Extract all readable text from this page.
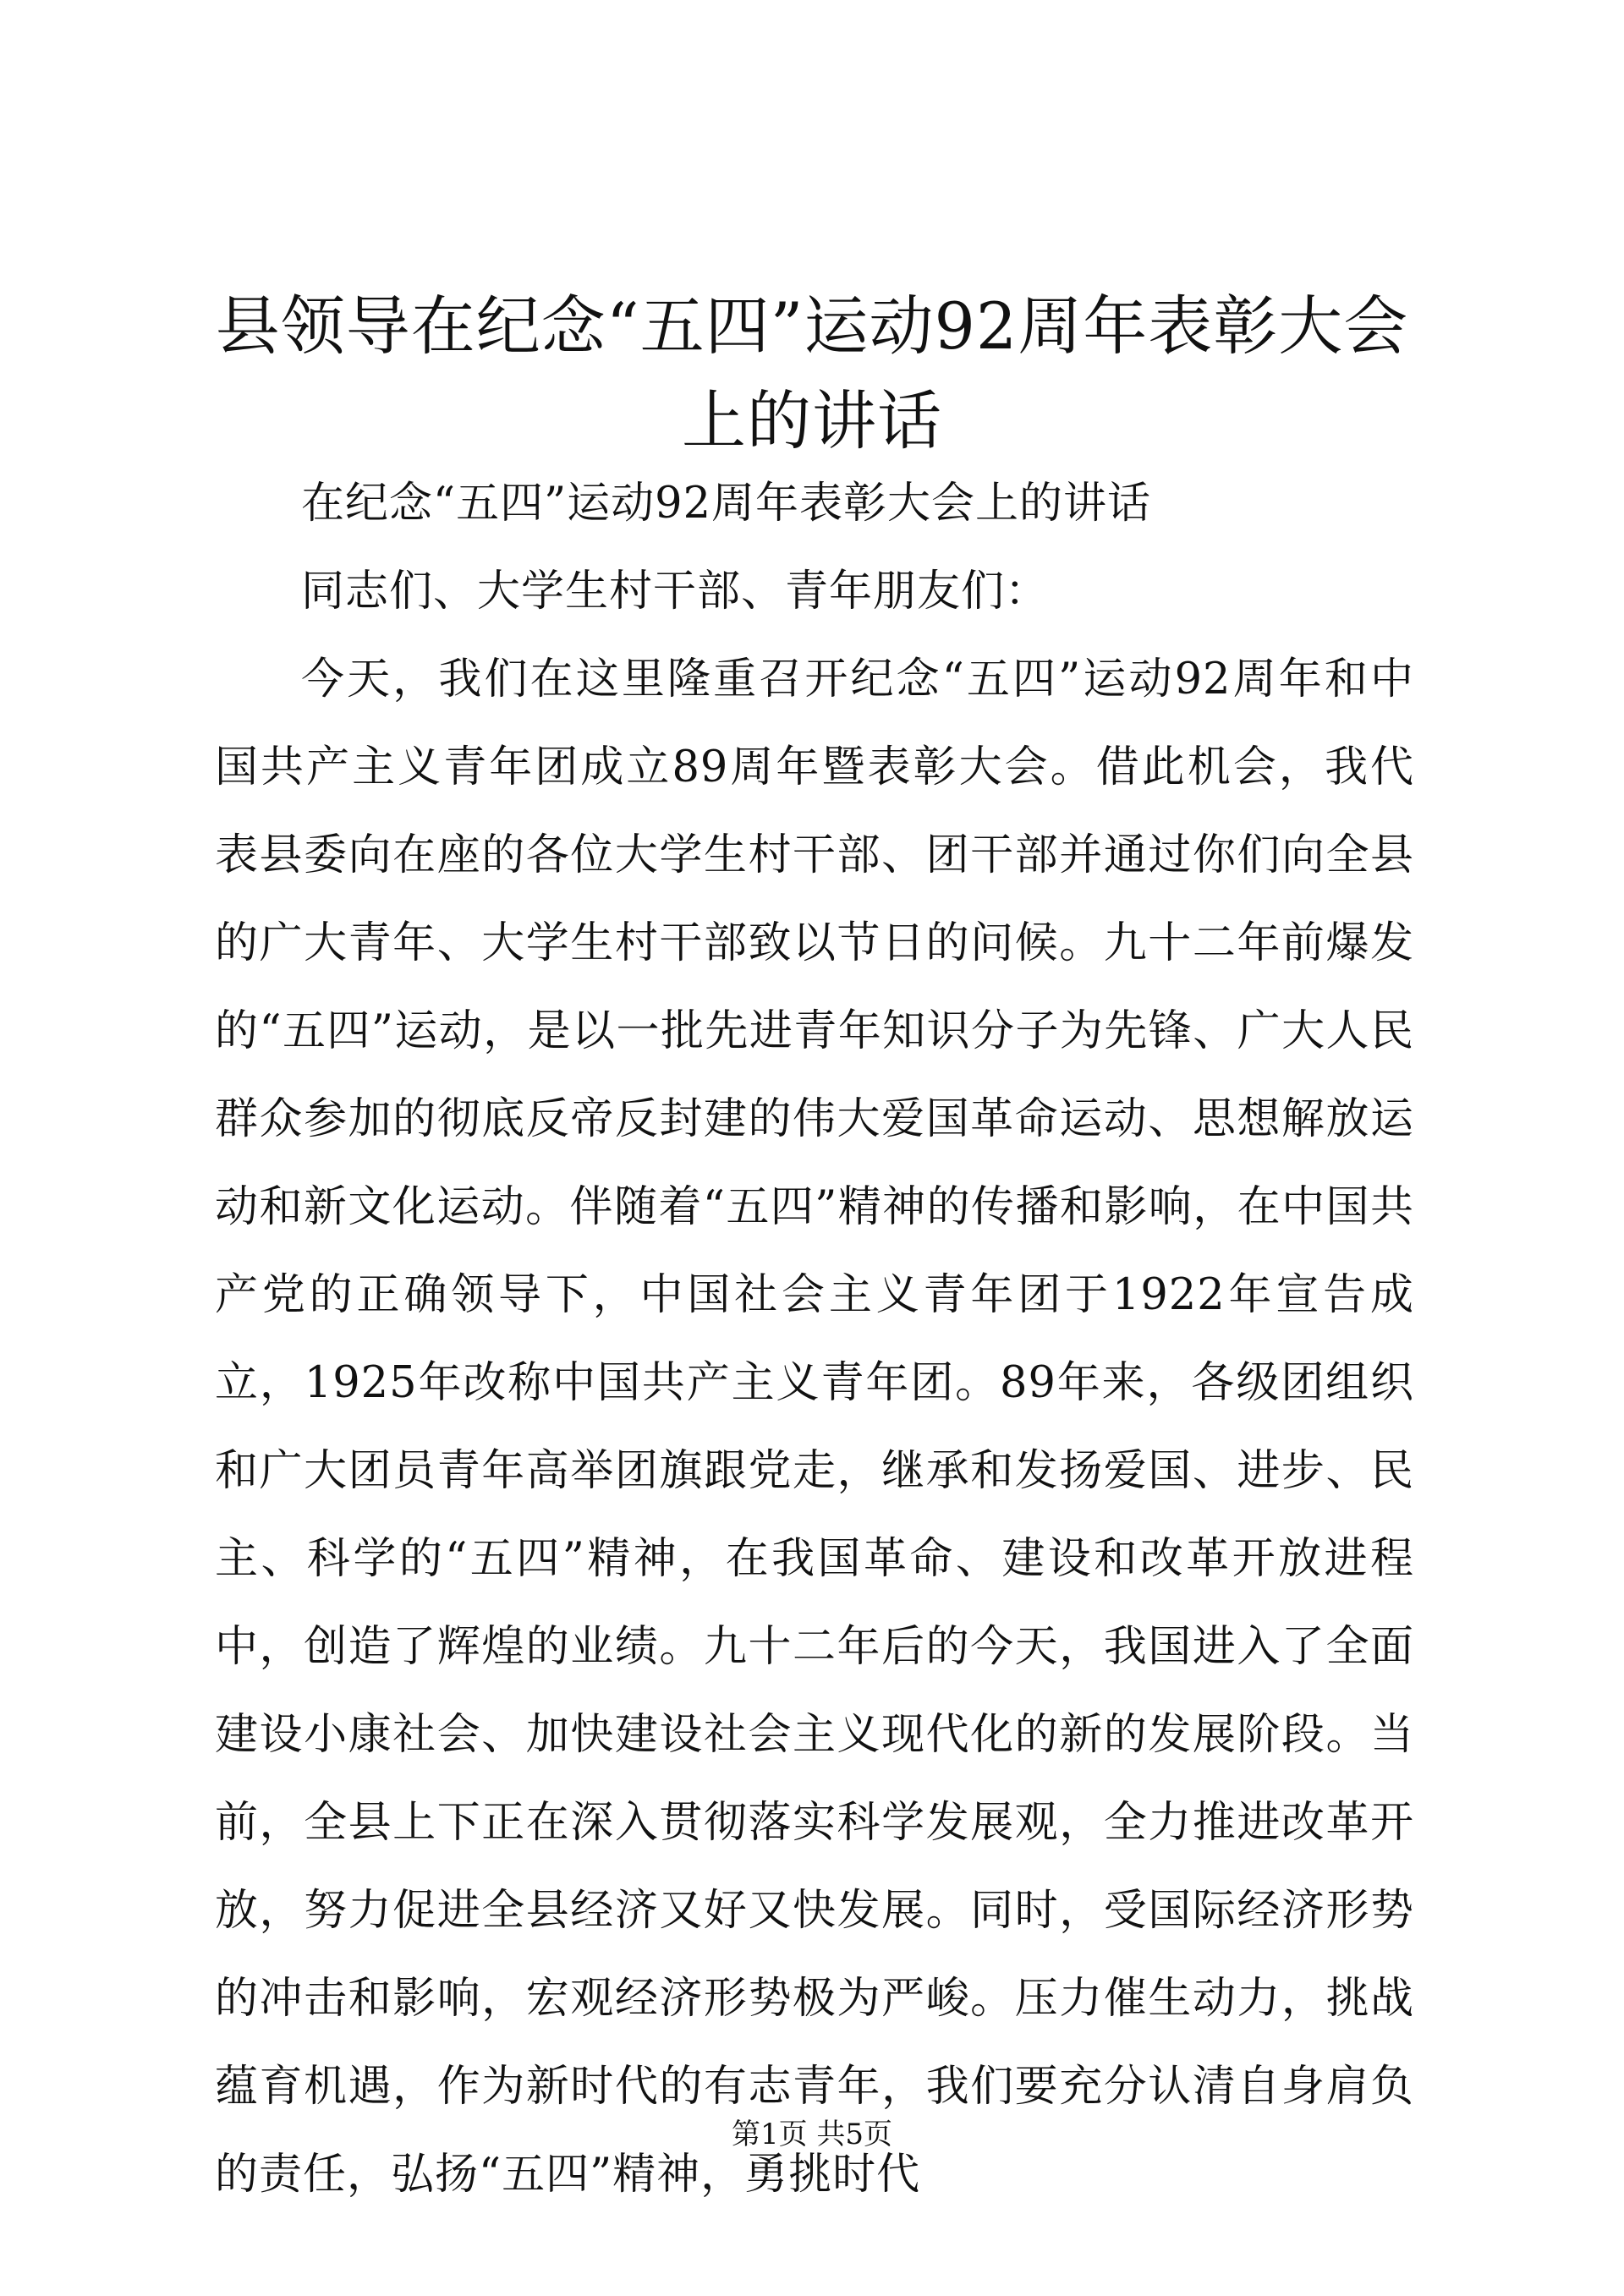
县领导在纪念“五四”运动92周年表彰大会上的讲话

在纪念“五四”运动92周年表彰大会上的讲话

同志们、大学生村干部、青年朋友们：

今天，我们在这里隆重召开纪念“五四”运动92周年和中国共产主义青年团成立89周年暨表彰大会。借此机会，我代表县委向在座的各位大学生村干部、团干部并通过你们向全县的广大青年、大学生村干部致以节日的问候。九十二年前爆发的“五四”运动，是以一批先进青年知识分子为先锋、广大人民群众参加的彻底反帝反封建的伟大爱国革命运动、思想解放运动和新文化运动。伴随着“五四”精神的传播和影响，在中国共产党的正确领导下，中国社会主义青年团于1922年宣告成立，1925年改称中国共产主义青年团。89年来，各级团组织和广大团员青年高举团旗跟党走，继承和发扬爱国、进步、民主、科学的“五四”精神，在我国革命、建设和改革开放进程中，创造了辉煌的业绩。九十二年后的今天，我国进入了全面建设小康社会、加快建设社会主义现代化的新的发展阶段。当前，全县上下正在深入贯彻落实科学发展观，全力推进改革开放，努力促进全县经济又好又快发展。同时，受国际经济形势的冲击和影响，宏观经济形势极为严峻。压力催生动力，挑战蕴育机遇，作为新时代的有志青年，我们要充分认清自身肩负的责任，弘扬“五四”精神，勇挑时代

第1页 共5页
